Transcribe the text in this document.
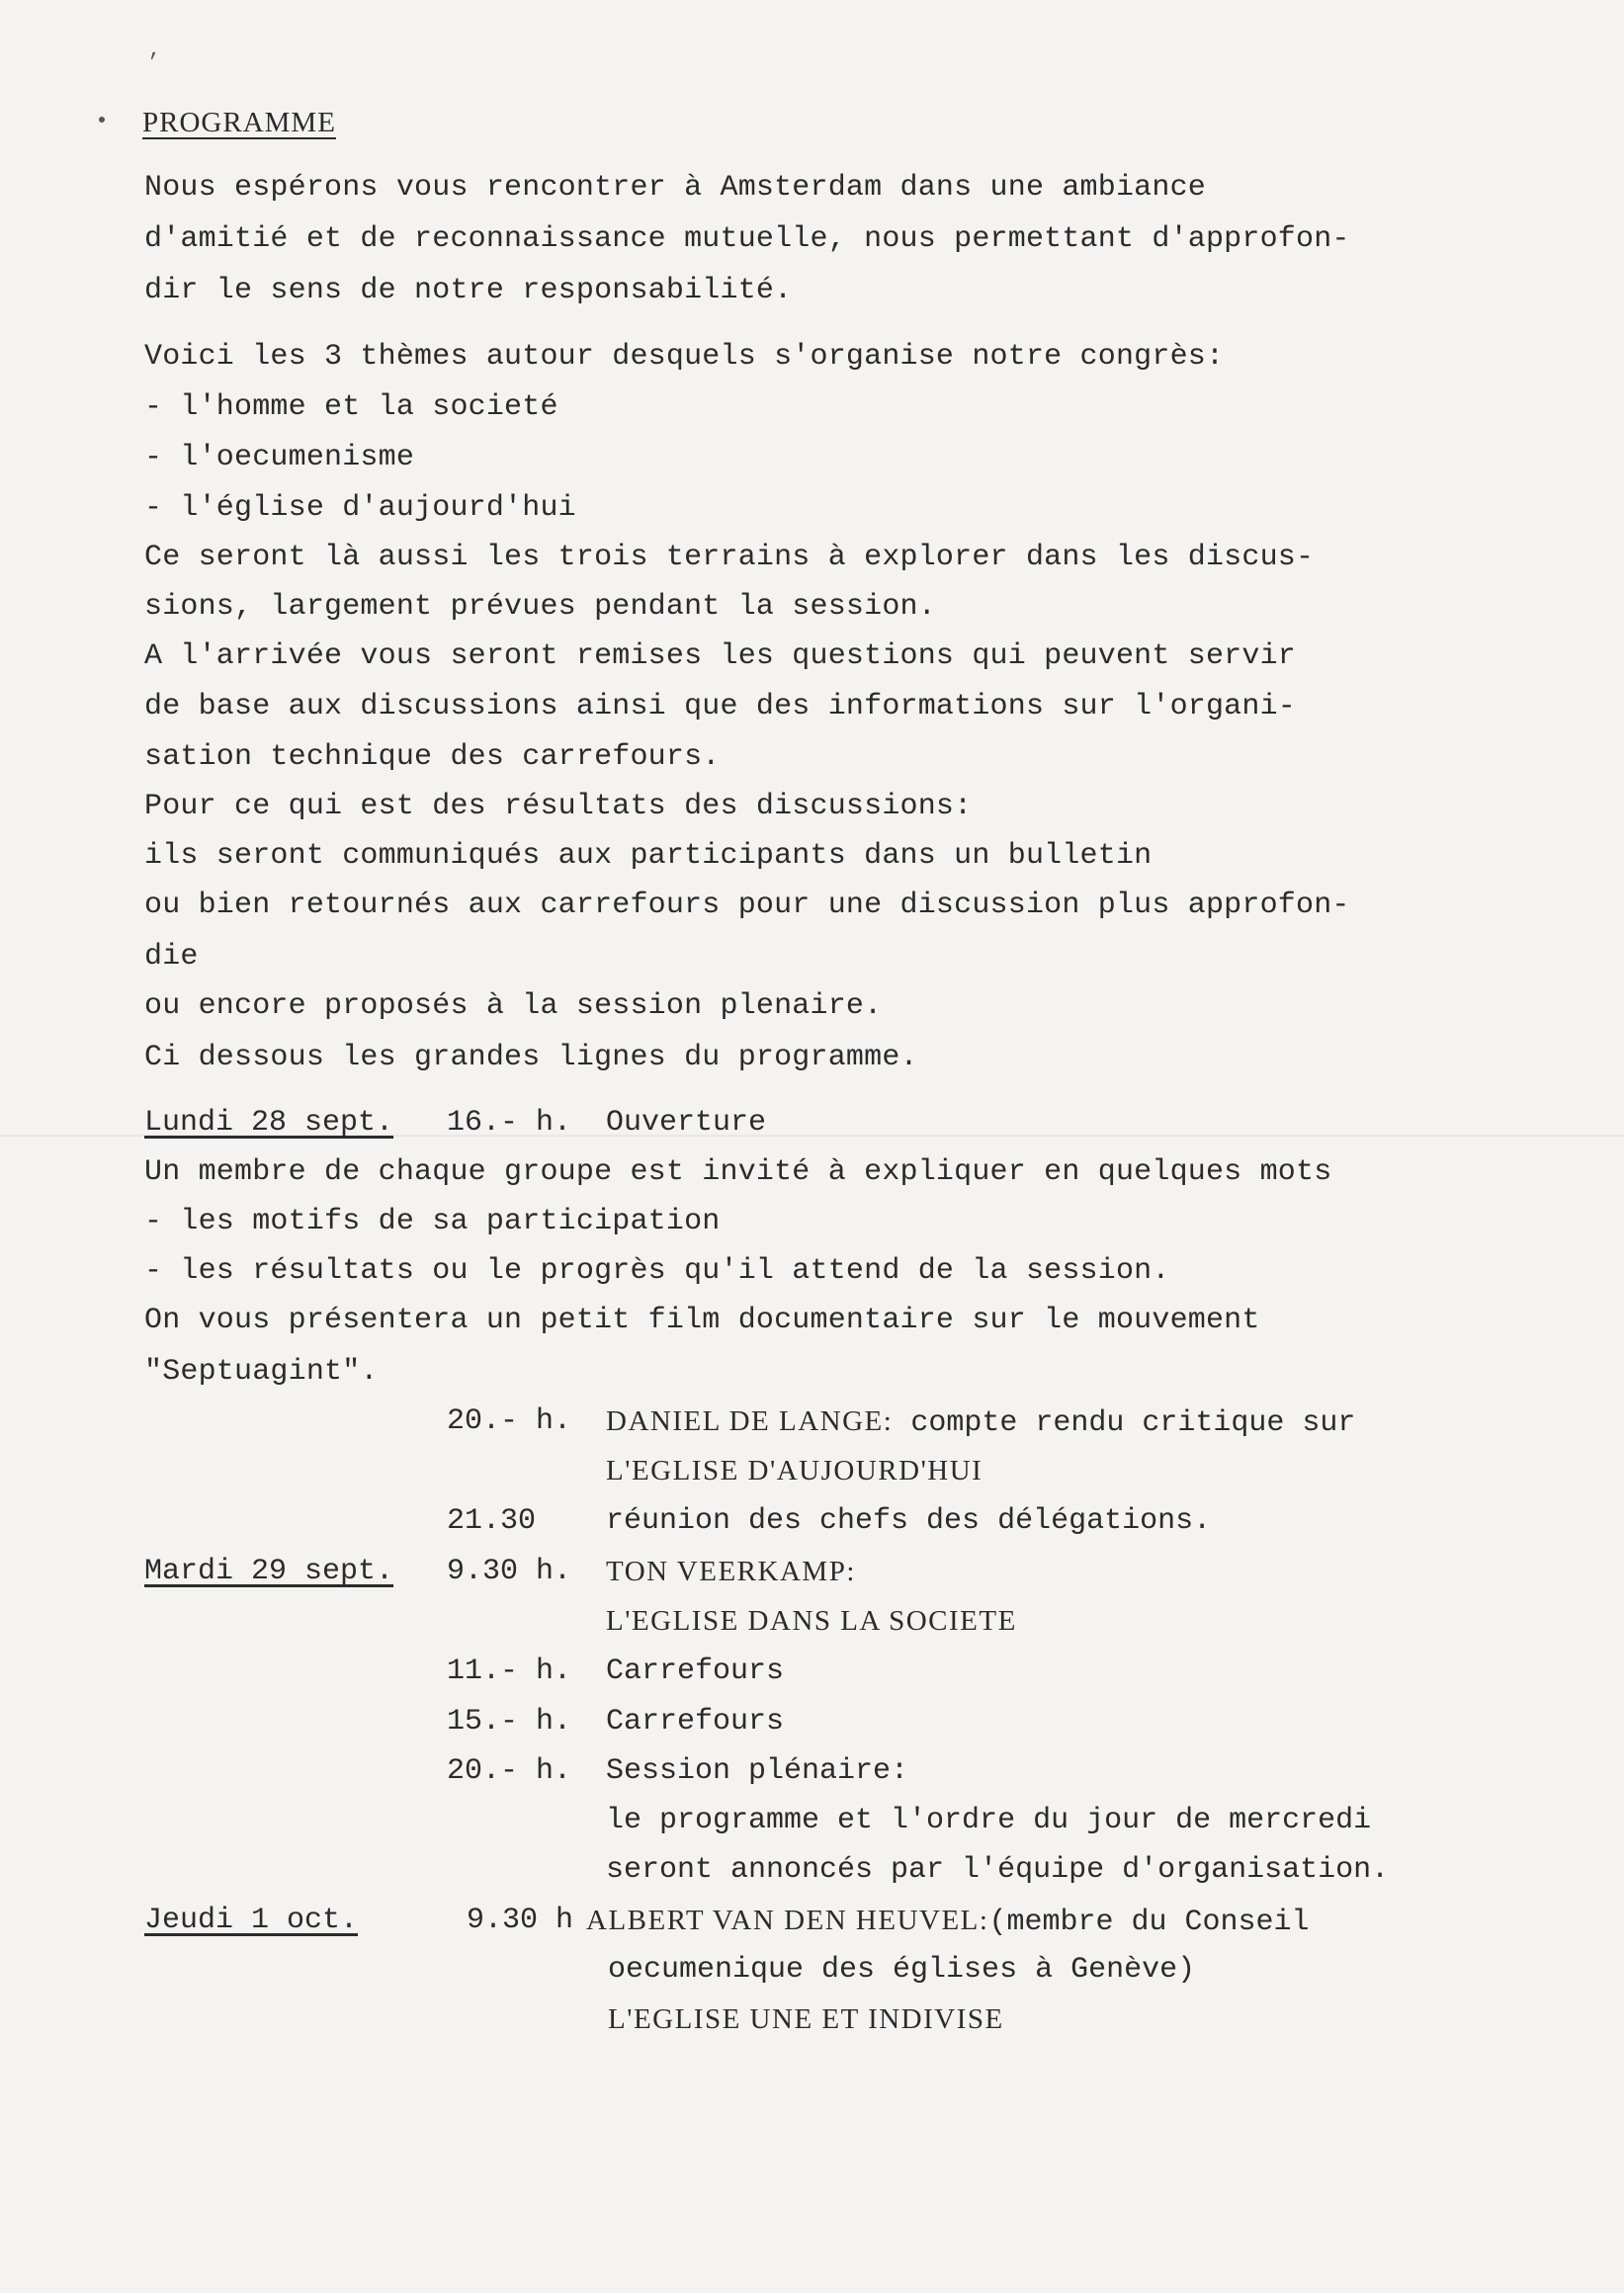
,
PROGRAMME
Nous espérons vous rencontrer à Amsterdam dans une ambiance
d'amitié et de reconnaissance mutuelle, nous permettant d'approfon-
dir le sens de notre responsabilité.
Voici les 3 thèmes autour desquels s'organise notre congrès:
- l'homme et la societé
- l'oecumenisme
- l'église d'aujourd'hui
Ce seront là aussi les trois terrains à explorer dans les discus-
sions, largement prévues pendant la session.
A l'arrivée vous seront remises les questions qui peuvent servir
de base aux discussions ainsi que des informations sur l'organi-
sation technique des carrefours.
Pour ce qui est des résultats des discussions:
ils seront communiqués aux participants dans un bulletin
ou bien retournés aux carrefours pour une discussion plus approfon-
die
ou encore proposés à la session plenaire.
Ci dessous les grandes lignes du programme.
Lundi 28 sept. 16.- h. Ouverture
Un membre de chaque groupe est invité à expliquer en quelques mots
- les motifs de sa participation
- les résultats ou le progrès qu'il attend de la session.
On vous présentera un petit film documentaire sur le mouvement
"Septuagint".
20.- h. DANIEL DE LANGE: compte rendu critique sur
L'EGLISE D'AUJOURD'HUI
21.30 réunion des chefs des délégations.
Mardi 29 sept. 9.30 h. TON VEERKAMP:
L'EGLISE DANS LA SOCIETE
11.- h. Carrefours
15.- h. Carrefours
20.- h. Session plénaire:
le programme et l'ordre du jour de mercredi
seront annoncés par l'équipe d'organisation.
Jeudi 1 oct.	9.30 h ALBERT VAN DEN HEUVEL:(membre du Conseil
oecumenique des églises à Genève)
L'EGLISE UNE ET INDIVISE
